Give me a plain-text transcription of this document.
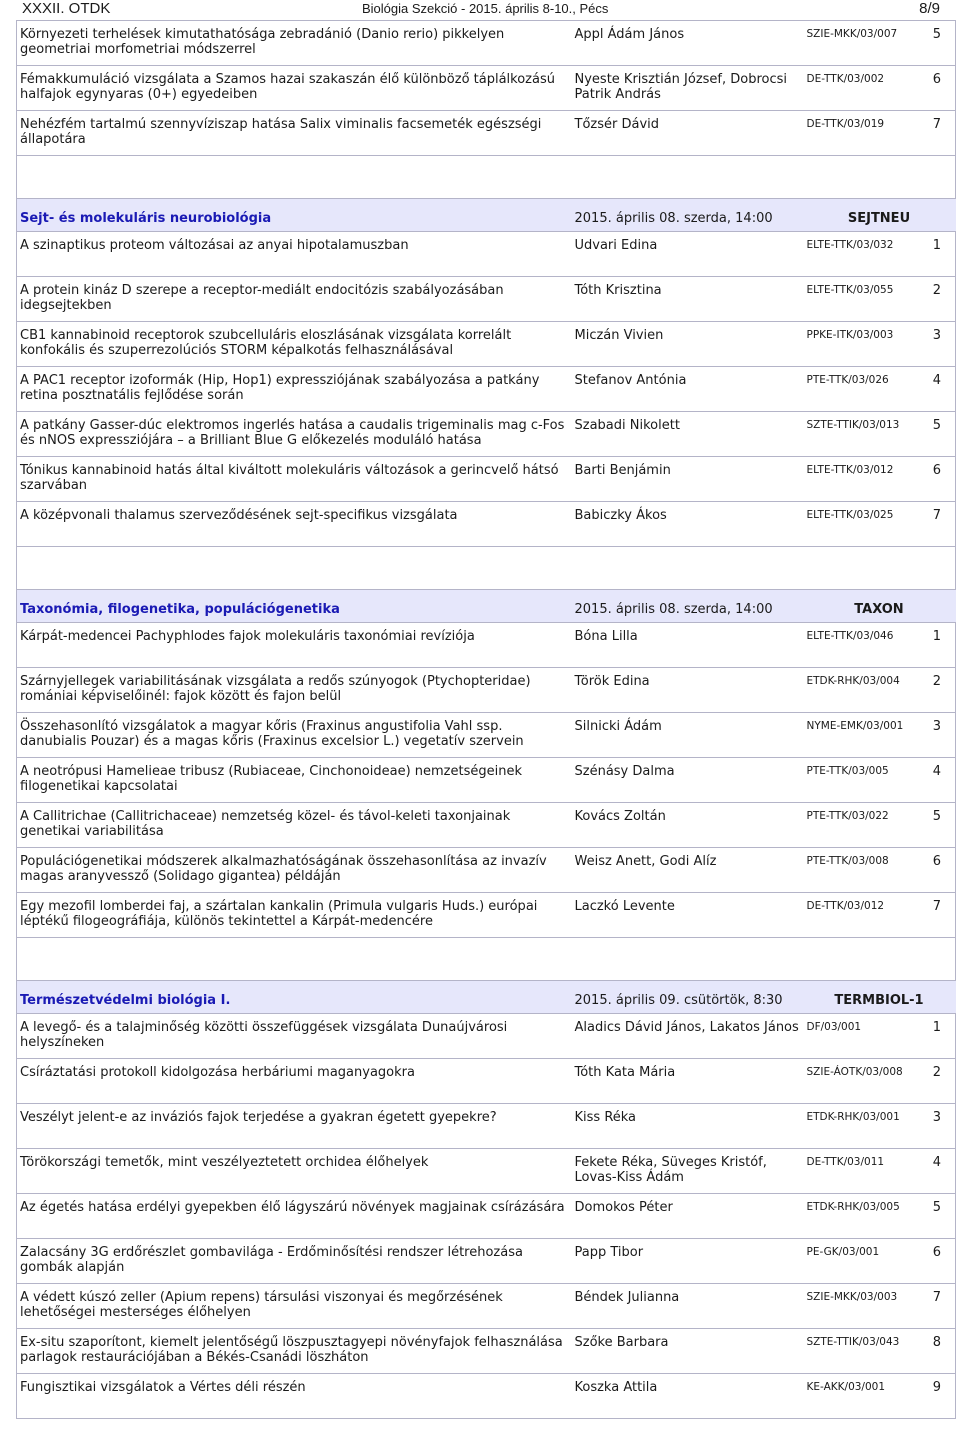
XXXII. OTDK	Biológia Szekció - 2015. április 8-10., Pécs	8/9
Környezeti terhelések kimutathatósága zebradánió (Danio rerio) pikkelyen geometriai morfometriai módszerrel	Appl Ádám János	SZIE-MKK/03/007	5
Fémakkumuláció vizsgálata a Szamos hazai szakaszán élő különböző táplálkozású halfajok egynyaras (0+) egyedeiben	Nyeste Krisztián József, Dobrocsi Patrik András	DE-TTK/03/002	6
Nehézfém tartalmú szennyvíziszap hatása Salix viminalis facsemeték egészségi állapotára	Tőzsér Dávid	DE-TTK/03/019	7

Sejt- és molekuláris neurobiológia	2015. április 08. szerda, 14:00	SEJTNEU	
A szinaptikus proteom változásai az anyai hipotalamuszban	Udvari Edina	ELTE-TTK/03/032	1
A protein kináz D szerepe a receptor-mediált endocitózis szabályozásában idegsejtekben	Tóth Krisztina	ELTE-TTK/03/055	2
CB1 kannabinoid receptorok szubcelluláris eloszlásának vizsgálata korrelált konfokális és szuperrezolúciós STORM képalkotás felhasználásával	Miczán Vivien	PPKE-ITK/03/003	3
A PAC1 receptor izoformák (Hip, Hop1) expressziójának szabályozása a patkány retina posztnatális fejlődése során	Stefanov Antónia	PTE-TTK/03/026	4
A patkány Gasser-dúc elektromos ingerlés hatása a caudalis trigeminalis mag c-Fos és nNOS expressziójára – a Brilliant Blue G előkezelés moduláló hatása	Szabadi Nikolett	SZTE-TTIK/03/013	5
Tónikus kannabinoid hatás által kiváltott molekuláris változások a gerincvelő hátsó szarvában	Barti Benjámin	ELTE-TTK/03/012	6
A középvonali thalamus szerveződésének sejt-specifikus vizsgálata	Babiczky Ákos	ELTE-TTK/03/025	7

Taxonómia, filogenetika, populációgenetika	2015. április 08. szerda, 14:00	TAXON	
Kárpát-medencei Pachyphlodes fajok molekuláris taxonómiai revíziója	Bóna Lilla	ELTE-TTK/03/046	1
Szárnyjellegek variabilitásának vizsgálata a redős szúnyogok (Ptychopteridae) romániai képviselőinél: fajok között és fajon belül	Török Edina	ETDK-RHK/03/004	2
Összehasonlító vizsgálatok a magyar kőris (Fraxinus angustifolia Vahl ssp. danubialis Pouzar) és a magas kőris (Fraxinus excelsior L.) vegetatív szervein	Silnicki Ádám	NYME-EMK/03/001	3
A neotrópusi Hamelieae tribusz (Rubiaceae, Cinchonoideae) nemzetségeinek filogenetikai kapcsolatai	Szénásy Dalma	PTE-TTK/03/005	4
A Callitrichae (Callitrichaceae) nemzetség közel- és távol-keleti taxonjainak genetikai variabilitása	Kovács Zoltán	PTE-TTK/03/022	5
Populációgenetikai módszerek alkalmazhatóságának összehasonlítása az invazív magas aranyvessző (Solidago gigantea) példáján	Weisz Anett, Godi Alíz	PTE-TTK/03/008	6
Egy mezofil lomberdei faj, a szártalan kankalin (Primula vulgaris Huds.) európai léptékű filogeográfiája, különös tekintettel a Kárpát-medencére	Laczkó Levente	DE-TTK/03/012	7

Természetvédelmi biológia I.	2015. április 09. csütörtök, 8:30	TERMBIOL-1	
A levegő- és a talajminőség közötti összefüggések vizsgálata Dunaújvárosi helyszíneken	Aladics Dávid János, Lakatos János	DF/03/001	1
Csíráztatási protokoll kidolgozása herbáriumi maganyagokra	Tóth Kata Mária	SZIE-ÁOTK/03/008	2
Veszélyt jelent-e az inváziós fajok terjedése a gyakran égetett gyepekre?	Kiss Réka	ETDK-RHK/03/001	3
Törökországi temetők, mint veszélyeztetett orchidea élőhelyek	Fekete Réka, Süveges Kristóf, Lovas-Kiss Ádám	DE-TTK/03/011	4
Az égetés hatása erdélyi gyepekben élő lágyszárú növények magjainak csírázására	Domokos Péter	ETDK-RHK/03/005	5
Zalacsány 3G erdőrészlet gombavilága - Erdőminősítési rendszer létrehozása gombák alapján	Papp Tibor	PE-GK/03/001	6
A védett kúszó zeller (Apium repens) társulási viszonyai és megőrzésének lehetőségei mesterséges élőhelyen	Béndek Julianna	SZIE-MKK/03/003	7
Ex-situ szaporítont, kiemelt jelentőségű löszpusztagyepi növényfajok felhasználása parlagok restaurációjában a Békés-Csanádi löszháton	Szőke Barbara	SZTE-TTIK/03/043	8
Fungisztikai vizsgálatok a Vértes déli részén	Koszka Attila	KE-AKK/03/001	9
